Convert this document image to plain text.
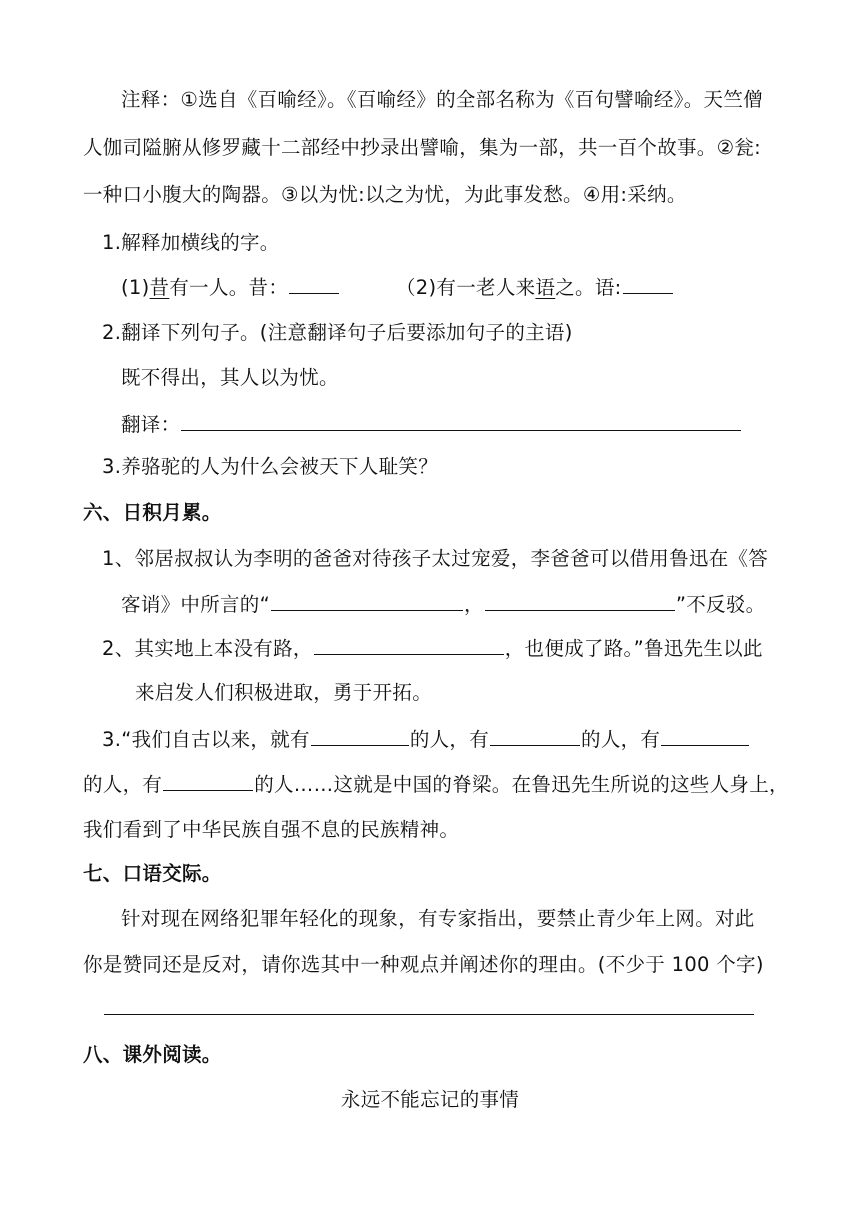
注释：①选自《百喻经》。《百喻经》的全部名称为《百句譬喻经》。天竺僧
人伽司隘腑从修罗藏十二部经中抄录出譬喻，集为一部，共一百个故事。②瓮:
一种口小腹大的陶器。③以为忧:以之为忧，为此事发愁。④用:采纳。
1.解释加横线的字。
(1)昔有一人。昔：	（2)有一老人来语之。语:
2.翻译下列句子。(注意翻译句子后要添加句子的主语)
既不得出，其人以为忧。
翻译：
3.养骆驼的人为什么会被天下人耻笑？
六、日积月累。
1、邻居叔叔认为李明的爸爸对待孩子太过宠爱，李爸爸可以借用鲁迅在《答
客诮》中所言的“	，	”不反驳。
2、其实地上本没有路，	，也便成了路。”鲁迅先生以此
来启发人们积极进取，勇于开拓。
3.“我们自古以来，就有	的人，有	的人，有
的人，有	的人……这就是中国的脊梁。在鲁迅先生所说的这些人身上，
我们看到了中华民族自强不息的民族精神。
七、口语交际。
针对现在网络犯罪年轻化的现象，有专家指出，要禁止青少年上网。对此
你是赞同还是反对，请你选其中一种观点并阐述你的理由。(不少于 100 个字)
八、课外阅读。
永远不能忘记的事情
